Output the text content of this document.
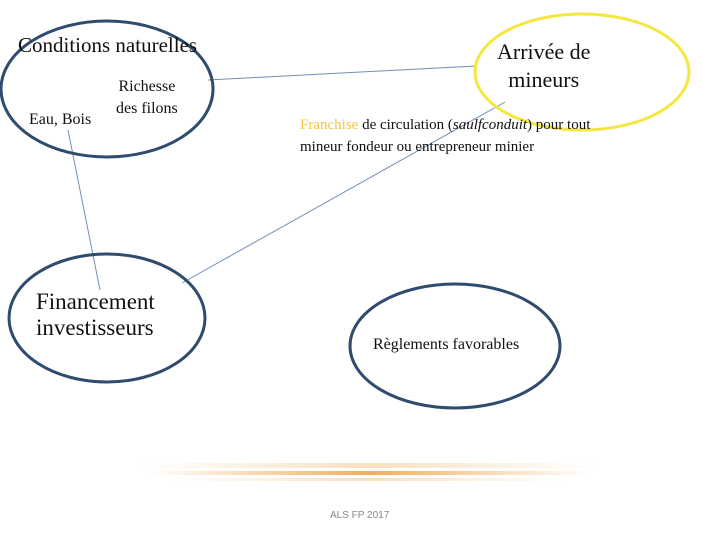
Conditions naturelles
Eau, Bois
Richesse
des filons
Arrivée de
mineurs
Franchise de circulation (saulfconduit) pour tout mineur fondeur ou entrepreneur minier
Financement
investisseurs
Règlements favorables
ALS FP 2017
